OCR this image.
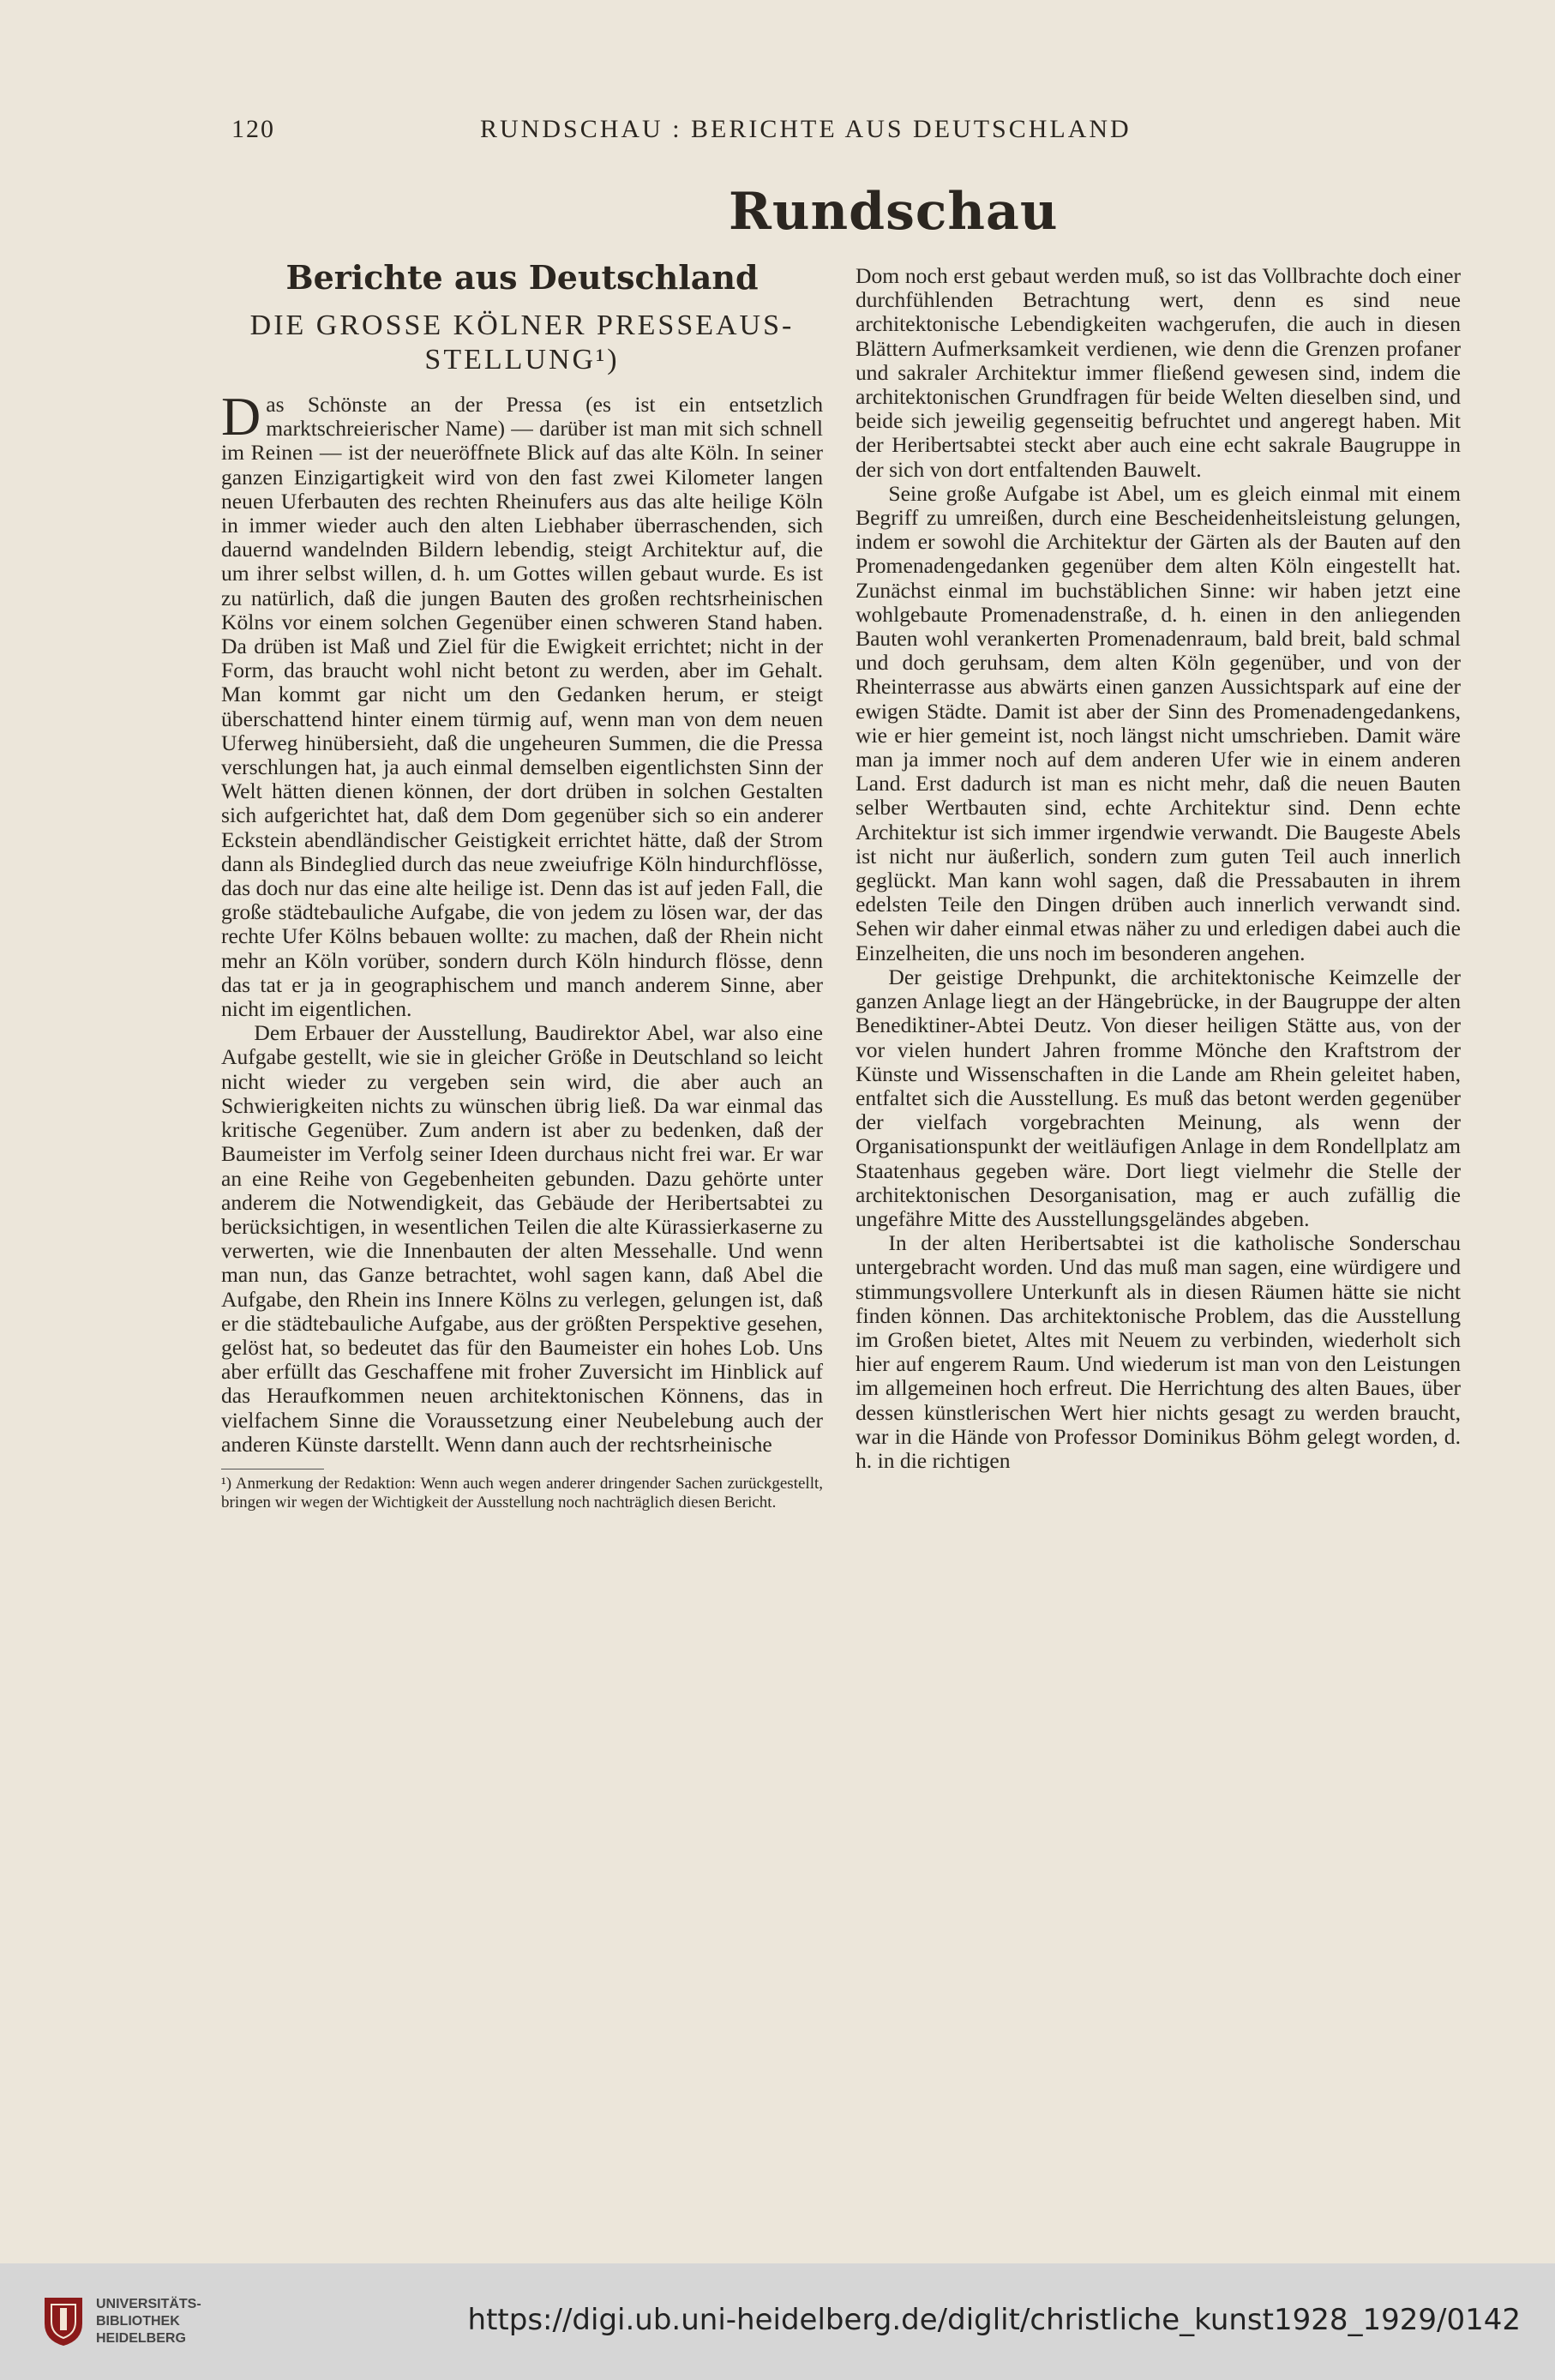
120	RUNDSCHAU : BERICHTE AUS DEUTSCHLAND
Rundschau
Berichte aus Deutschland
DIE GROSSE KÖLNER PRESSEAUS-STELLUNG¹)

Das Schönste an der Pressa (es ist ein entsetzlich marktschreierischer Name) — darüber ist man mit sich schnell im Reinen — ist der neueröffnete Blick auf das alte Köln. In seiner ganzen Einzigartigkeit wird von den fast zwei Kilometer langen neuen Uferbauten des rechten Rheinufers aus das alte heilige Köln in immer wieder auch den alten Liebhaber überraschenden, sich dauernd wandelnden Bildern lebendig, steigt Architektur auf, die um ihrer selbst willen, d. h. um Gottes willen gebaut wurde. Es ist zu natürlich, daß die jungen Bauten des großen rechtsrheinischen Kölns vor einem solchen Gegenüber einen schweren Stand haben. Da drüben ist Maß und Ziel für die Ewigkeit errichtet; nicht in der Form, das braucht wohl nicht betont zu werden, aber im Gehalt. Man kommt gar nicht um den Gedanken herum, er steigt überschattend hinter einem türmig auf, wenn man von dem neuen Uferweg hinübersieht, daß die ungeheuren Summen, die die Pressa verschlungen hat, ja auch einmal demselben eigentlichsten Sinn der Welt hätten dienen können, der dort drüben in solchen Gestalten sich aufgerichtet hat, daß dem Dom gegenüber sich so ein anderer Eckstein abendländischer Geistigkeit errichtet hätte, daß der Strom dann als Bindeglied durch das neue zweiufrige Köln hindurchflösse, das doch nur das eine alte heilige ist. Denn das ist auf jeden Fall, die große städtebauliche Aufgabe, die von jedem zu lösen war, der das rechte Ufer Kölns bebauen wollte: zu machen, daß der Rhein nicht mehr an Köln vorüber, sondern durch Köln hindurch flösse, denn das tat er ja in geographischem und manch anderem Sinne, aber nicht im eigentlichen.

Dem Erbauer der Ausstellung, Baudirektor Abel, war also eine Aufgabe gestellt, wie sie in gleicher Größe in Deutschland so leicht nicht wieder zu vergeben sein wird, die aber auch an Schwierigkeiten nichts zu wünschen übrig ließ. Da war einmal das kritische Gegenüber. Zum andern ist aber zu bedenken, daß der Baumeister im Verfolg seiner Ideen durchaus nicht frei war. Er war an eine Reihe von Gegebenheiten gebunden. Dazu gehörte unter anderem die Notwendigkeit, das Gebäude der Heribertsabtei zu berücksichtigen, in wesentlichen Teilen die alte Kürassierkaserne zu verwerten, wie die Innenbauten der alten Messehalle. Und wenn man nun, das Ganze betrachtet, wohl sagen kann, daß Abel die Aufgabe, den Rhein ins Innere Kölns zu verlegen, gelungen ist, daß er die städtebauliche Aufgabe, aus der größten Perspektive gesehen, gelöst hat, so bedeutet das für den Baumeister ein hohes Lob. Uns aber erfüllt das Geschaffene mit froher Zuversicht im Hinblick auf das Heraufkommen neuen architektonischen Könnens, das in vielfachem Sinne die Voraussetzung einer Neubelebung auch der anderen Künste darstellt. Wenn dann auch der rechtsrheinische

¹) Anmerkung der Redaktion: Wenn auch wegen anderer dringender Sachen zurückgestellt, bringen wir wegen der Wichtigkeit der Ausstellung noch nachträglich diesen Bericht.

Dom noch erst gebaut werden muß, so ist das Vollbrachte doch einer durchfühlenden Betrachtung wert, denn es sind neue architektonische Lebendigkeiten wachgerufen, die auch in diesen Blättern Aufmerksamkeit verdienen, wie denn die Grenzen profaner und sakraler Architektur immer fließend gewesen sind, indem die architektonischen Grundfragen für beide Welten dieselben sind, und beide sich jeweilig gegenseitig befruchtet und angeregt haben. Mit der Heribertsabtei steckt aber auch eine echt sakrale Baugruppe in der sich von dort entfaltenden Bauwelt.

Seine große Aufgabe ist Abel, um es gleich einmal mit einem Begriff zu umreißen, durch eine Bescheidenheitsleistung gelungen, indem er sowohl die Architektur der Gärten als der Bauten auf den Promenadengedanken gegenüber dem alten Köln eingestellt hat. Zunächst einmal im buchstäblichen Sinne: wir haben jetzt eine wohlgebaute Promenadenstraße, d. h. einen in den anliegenden Bauten wohl verankerten Promenadenraum, bald breit, bald schmal und doch geruhsam, dem alten Köln gegenüber, und von der Rheinterrasse aus abwärts einen ganzen Aussichtspark auf eine der ewigen Städte. Damit ist aber der Sinn des Promenadengedankens, wie er hier gemeint ist, noch längst nicht umschrieben. Damit wäre man ja immer noch auf dem anderen Ufer wie in einem anderen Land. Erst dadurch ist man es nicht mehr, daß die neuen Bauten selber Wertbauten sind, echte Architektur sind. Denn echte Architektur ist sich immer irgendwie verwandt. Die Baugeste Abels ist nicht nur äußerlich, sondern zum guten Teil auch innerlich geglückt. Man kann wohl sagen, daß die Pressabauten in ihrem edelsten Teile den Dingen drüben auch innerlich verwandt sind. Sehen wir daher einmal etwas näher zu und erledigen dabei auch die Einzelheiten, die uns noch im besonderen angehen.

Der geistige Drehpunkt, die architektonische Keimzelle der ganzen Anlage liegt an der Hängebrücke, in der Baugruppe der alten Benediktiner-Abtei Deutz. Von dieser heiligen Stätte aus, von der vor vielen hundert Jahren fromme Mönche den Kraftstrom der Künste und Wissenschaften in die Lande am Rhein geleitet haben, entfaltet sich die Ausstellung. Es muß das betont werden gegenüber der vielfach vorgebrachten Meinung, als wenn der Organisationspunkt der weitläufigen Anlage in dem Rondellplatz am Staatenhaus gegeben wäre. Dort liegt vielmehr die Stelle der architektonischen Desorganisation, mag er auch zufällig die ungefähre Mitte des Ausstellungsgeländes abgeben.

In der alten Heribertsabtei ist die katholische Sonderschau untergebracht worden. Und das muß man sagen, eine würdigere und stimmungsvollere Unterkunft als in diesen Räumen hätte sie nicht finden können. Das architektonische Problem, das die Ausstellung im Großen bietet, Altes mit Neuem zu verbinden, wiederholt sich hier auf engerem Raum. Und wiederum ist man von den Leistungen im allgemeinen hoch erfreut. Die Herrichtung des alten Baues, über dessen künstlerischen Wert hier nichts gesagt zu werden braucht, war in die Hände von Professor Dominikus Böhm gelegt worden, d. h. in die richtigen

UNIVERSITÄTS-
BIBLIOTHEK
HEIDELBERG
https://digi.ub.uni-heidelberg.de/diglit/christliche_kunst1928_1929/0142
